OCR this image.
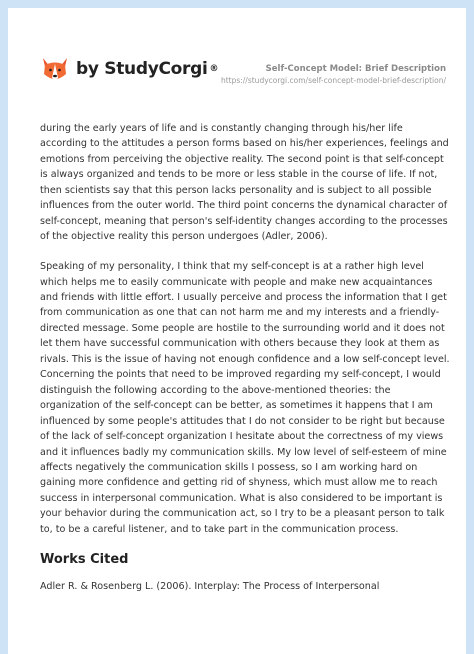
by StudyCorgi ®	Self-Concept Model: Brief Description
https://studycorgi.com/self-concept-model-brief-description/

during the early years of life and is constantly changing through his/her life according to the attitudes a person forms based on his/her experiences, feelings and emotions from perceiving the objective reality. The second point is that self-concept is always organized and tends to be more or less stable in the course of life. If not, then scientists say that this person lacks personality and is subject to all possible influences from the outer world. The third point concerns the dynamical character of self-concept, meaning that person's self-identity changes according to the processes of the objective reality this person undergoes (Adler, 2006).

Speaking of my personality, I think that my self-concept is at a rather high level which helps me to easily communicate with people and make new acquaintances and friends with little effort. I usually perceive and process the information that I get from communication as one that can not harm me and my interests and a friendly-directed message. Some people are hostile to the surrounding world and it does not let them have successful communication with others because they look at them as rivals. This is the issue of having not enough confidence and a low self-concept level. Concerning the points that need to be improved regarding my self-concept, I would distinguish the following according to the above-mentioned theories: the organization of the self-concept can be better, as sometimes it happens that I am influenced by some people's attitudes that I do not consider to be right but because of the lack of self-concept organization I hesitate about the correctness of my views and it influences badly my communication skills. My low level of self-esteem of mine affects negatively the communication skills I possess, so I am working hard on gaining more confidence and getting rid of shyness, which must allow me to reach success in interpersonal communication. What is also considered to be important is your behavior during the communication act, so I try to be a pleasant person to talk to, to be a careful listener, and to take part in the communication process.

Works Cited

Adler R. & Rosenberg L. (2006). Interplay: The Process of Interpersonal
